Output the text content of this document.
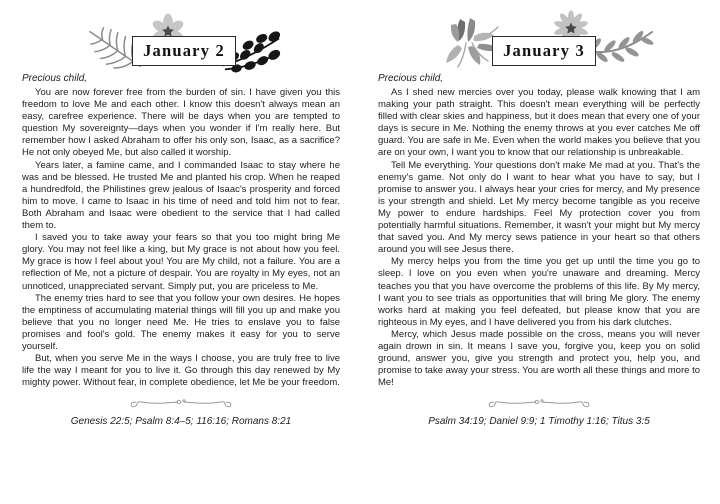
January 2

Precious child,

You are now forever free from the burden of sin. I have given you this freedom to love Me and each other. I know this doesn't always mean an easy, carefree experience. There will be days when you are tempted to question My sovereignty—days when you wonder if I'm really here. But remember how I asked Abraham to offer his only son, Isaac, as a sacrifice? He not only obeyed Me, but also called it worship.

Years later, a famine came, and I commanded Isaac to stay where he was and be blessed. He trusted Me and planted his crop. When he reaped a hundredfold, the Philistines grew jealous of Isaac's prosperity and forced him to move. I came to Isaac in his time of need and told him not to fear. Both Abraham and Isaac were obedient to the service that I had called them to.

I saved you to take away your fears so that you too might bring Me glory. You may not feel like a king, but My grace is not about how you feel. My grace is how I feel about you! You are My child, not a failure. You are a reflection of Me, not a picture of despair. You are royalty in My eyes, not an unnoticed, unappreciated servant. Simply put, you are priceless to Me.

The enemy tries hard to see that you follow your own desires. He hopes the emptiness of accumulating material things will fill you up and make you believe that you no longer need Me. He tries to enslave you to false promises and fool's gold. The enemy makes it easy for you to serve yourself.

But, when you serve Me in the ways I choose, you are truly free to live life the way I meant for you to live it. Go through this day renewed by My mighty power. Without fear, in complete obedience, let Me be your freedom.

Genesis 22:5; Psalm 8:4–5; 116:16; Romans 8:21

January 3

Precious child,

As I shed new mercies over you today, please walk knowing that I am making your path straight. This doesn't mean everything will be perfectly filled with clear skies and happiness, but it does mean that every one of your days is secure in Me. Nothing the enemy throws at you ever catches Me off guard. You are safe in Me. Even when the world makes you believe that you are on your own, I want you to know that our relationship is unbreakable.

Tell Me everything. Your questions don't make Me mad at you. That's the enemy's game. Not only do I want to hear what you have to say, but I promise to answer you. I always hear your cries for mercy, and My presence is your strength and shield. Let My mercy become tangible as you receive My power to endure hardships. Feel My protection cover you from potentially harmful situations. Remember, it wasn't your might but My mercy that saved you. And My mercy sews patience in your heart so that others around you will see Jesus there.

My mercy helps you from the time you get up until the time you go to sleep. I love on you even when you're unaware and dreaming. Mercy teaches you that you have overcome the problems of this life. By My mercy, I want you to see trials as opportunities that will bring Me glory. The enemy works hard at making you feel defeated, but please know that you are righteous in My eyes, and I have delivered you from his dark clutches.

Mercy, which Jesus made possible on the cross, means you will never again drown in sin. It means I save you, forgive you, keep you on solid ground, answer you, give you strength and protect you, help you, and promise to take away your stress. You are worth all these things and more to Me!

Psalm 34:19; Daniel 9:9; 1 Timothy 1:16; Titus 3:5
